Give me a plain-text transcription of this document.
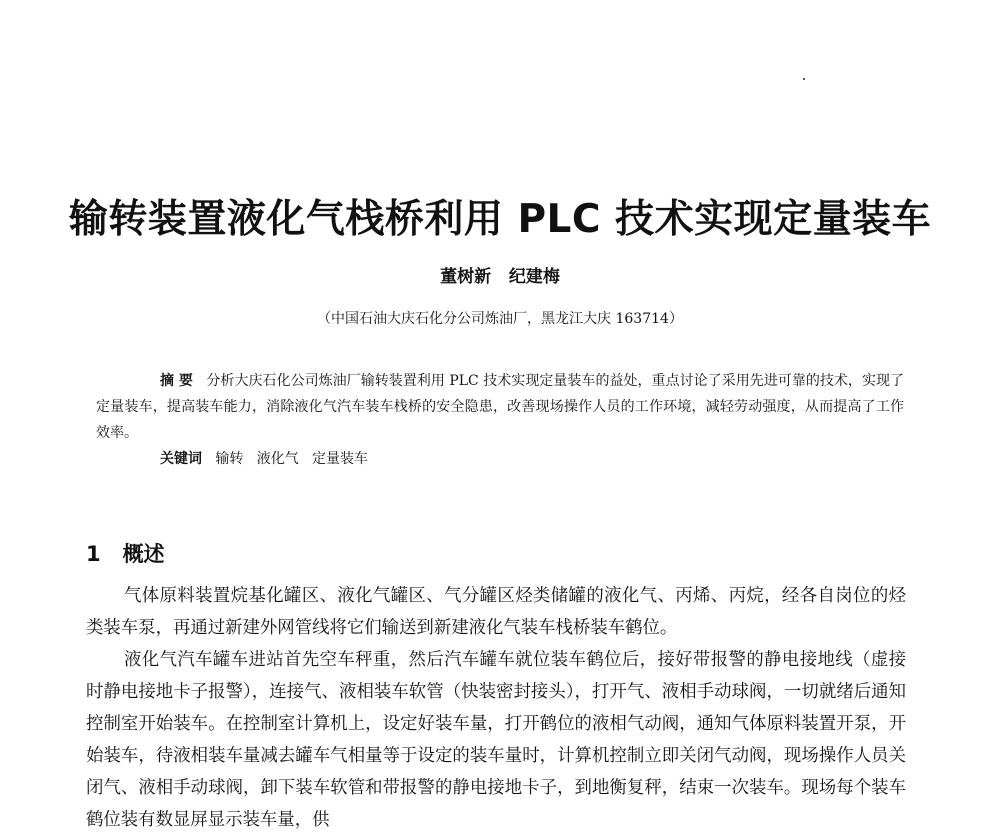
输转装置液化气栈桥利用 PLC 技术实现定量装车
董树新   纪建梅
（中国石油大庆石化分公司炼油厂，黑龙江大庆 163714）

摘 要 分析大庆石化公司炼油厂输转装置利用 PLC 技术实现定量装车的益处，重点讨论了采用先进可靠的技术，实现了定量装车，提高装车能力，消除液化气汽车装车栈桥的安全隐患，改善现场操作人员的工作环境，减轻劳动强度，从而提高了工作效率。

关键词 输转   液化气   定量装车
1 概述

气体原料装置烷基化罐区、液化气罐区、气分罐区烃类储罐的液化气、丙烯、丙烷，经各自岗位的烃类装车泵，再通过新建外网管线将它们输送到新建液化气装车栈桥装车鹤位。

液化气汽车罐车进站首先空车秤重，然后汽车罐车就位装车鹤位后，接好带报警的静电接地线（虚接时静电接地卡子报警），连接气、液相装车软管（快装密封接头），打开气、液相手动球阀，一切就绪后通知控制室开始装车。在控制室计算机上，设定好装车量，打开鹤位的液相气动阀，通知气体原料装置开泵，开始装车，待液相装车量减去罐车气相量等于设定的装车量时，计算机控制立即关闭气动阀，现场操作人员关闭气、液相手动球阀，卸下装车软管和带报警的静电接地卡子，到地衡复秤，结束一次装车。现场每个装车鹤位装有数显屏显示装车量，供
